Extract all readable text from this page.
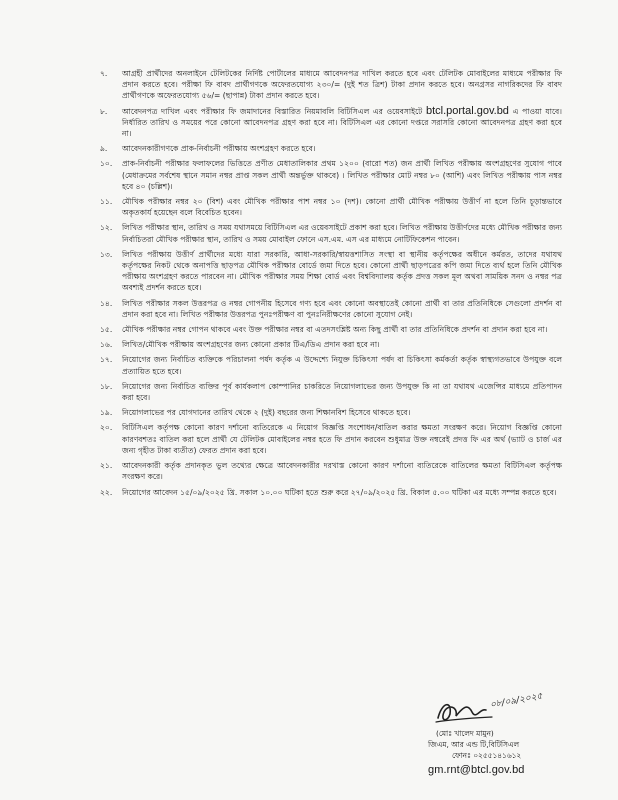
৭.	আগ্রহী প্রার্থীদের অনলাইনে টেলিটকের নির্দিষ্ট পোর্টালের মাধ্যমে আবেদনপত্র দাখিল করতে হবে এবং টেলিটক মোবাইলের মাধ্যমে পরীক্ষার ফি প্রদান করতে হবে। পরীক্ষা ফি বাবদ প্রার্থীগণকে অফেরতযোগ্য ২৩০/= (দুই শত ত্রিশ) টাকা প্রদান করতে হবে। অনগ্রসর নাগরিকদের ফি বাবদ প্রার্থীগণকে অফেরতযোগ্য ৫৬/= (ছাপান্ন) টাকা প্রদান করতে হবে।
৮.	আবেদনপত্র দাখিল এবং পরীক্ষার ফি জমাদানের বিস্তারিত নিয়মাবলি বিটিসিএল এর ওয়েবসাইটে btcl.portal.gov.bd এ পাওয়া যাবে। নির্ধারিত তারিখ ও সময়ের পরে কোনো আবেদনপত্র গ্রহণ করা হবে না। বিটিসিএল এর কোনো দপ্তরে সরাসরি কোনো আবেদনপত্র গ্রহণ করা হবে না।
৯.	আবেদনকারীগণকে প্রাক-নির্বাচনী পরীক্ষায় অংশগ্রহণ করতে হবে।
১০.	প্রাক-নির্বাচনী পরীক্ষার ফলাফলের ভিত্তিতে প্রণীত মেধাতালিকার প্রথম ১২০০ (বারো শত) জন প্রার্থী লিখিত পরীক্ষায় অংশগ্রহণের সুযোগ পাবে (মেধাক্রমের সর্বশেষ স্থানে সমান নম্বর প্রাপ্ত সকল প্রার্থী অন্তর্ভুক্ত থাকবে) । লিখিত পরীক্ষার মোট নম্বর ৮০ (আশি) এবং লিখিত পরীক্ষায় পাস নম্বর হবে ৪০ (চল্লিশ)।
১১.	মৌখিক পরীক্ষার নম্বর ২০ (বিশ) এবং মৌখিক পরীক্ষার পাশ নম্বর ১০ (দশ)। কোনো প্রার্থী মৌখিক পরীক্ষায় উত্তীর্ণ না হলে তিনি চূড়ান্তভাবে অকৃতকার্য হয়েছেন বলে বিবেচিত হবেন।
১২.	লিখিত পরীক্ষার স্থান, তারিখ ও সময় যথাসময়ে বিটিসিএল এর ওয়েবসাইটে প্রকাশ করা হবে। লিখিত পরীক্ষায় উত্তীর্ণদের মধ্যে মৌখিক পরীক্ষার জন্য নির্বাচিতরা মৌখিক পরীক্ষার স্থান, তারিখ ও সময় মোবাইল ফোনে এস.এম. এস এর মাধ্যমে নোটিফিকেশন পাবেন।
১৩.	লিখিত পরীক্ষায় উত্তীর্ণ প্রার্থীদের মধ্যে যারা সরকারি, আধা-সরকারি/স্বায়ত্তশাসিত সংস্থা বা স্থানীয় কর্তৃপক্ষের অধীনে কর্মরত, তাদের যথাযথ কর্তৃপক্ষের নিকট থেকে অনাপত্তি ছাড়পত্র মৌখিক পরীক্ষার বোর্ডে জমা দিতে হবে। কোনো প্রার্থী ছাড়পত্রের কপি জমা দিতে ব্যর্থ হলে তিনি মৌখিক পরীক্ষায় অংশগ্রহণ করতে পারবেন না। মৌখিক পরীক্ষার সময় শিক্ষা বোর্ড এবং বিশ্ববিদ্যালয় কর্তৃক প্রদত্ত সকল মূল অথবা সাময়িক সনদ ও নম্বর পত্র অবশ্যই প্রদর্শন করতে হবে।
১৪.	লিখিত পরীক্ষার সকল উত্তরপত্র ও নম্বর গোপনীয় হিসেবে গণ্য হবে এবং কোনো অবস্থাতেই কোনো প্রার্থী বা তার প্রতিনিধিকে সেগুলো প্রদর্শন বা প্রদান করা হবে না। লিখিত পরীক্ষার উত্তরপত্র পুনঃপরীক্ষণ বা পুনঃনিরীক্ষণের কোনো সুযোগ নেই।
১৫.	মৌখিক পরীক্ষার নম্বর গোপন থাকবে এবং উক্ত পরীক্ষার নম্বর বা এতদসংশ্লিষ্ট অন্য কিছু প্রার্থী বা তার প্রতিনিধিকে প্রদর্শন বা প্রদান করা হবে না।
১৬.	লিখিত/মৌখিক পরীক্ষায় অংশগ্রহণের জন্য কোনো প্রকার টিএ/ডিএ প্রদান করা হবে না।
১৭.	নিয়োগের জন্য নির্বাচিত ব্যক্তিকে পরিচালনা পর্ষদ কর্তৃক এ উদ্দেশ্যে নিযুক্ত চিকিৎসা পর্ষদ বা চিকিৎসা কর্মকর্তা কর্তৃক স্বাস্থ্যগতভাবে উপযুক্ত বলে প্রত্যায়িত হতে হবে।
১৮.	নিয়োগের জন্য নির্বাচিত ব্যক্তির পূর্ব কার্যকলাপ কোম্পানির চাকরিতে নিয়োগলাভের জন্য উপযুক্ত কি না তা যথাযথ এজেন্সির মাধ্যমে প্রতিপাদন করা হবে।
১৯.	নিয়োগলাভের পর যোগদানের তারিখ থেকে ২ (দুই) বছরের জন্য শিক্ষানবিশ হিসেবে থাকতে হবে।
২০.	বিটিসিএল কর্তৃপক্ষ কোনো কারণ দর্শানো ব্যতিরেকে এ নিয়োগ বিজ্ঞপ্তি সংশোধন/বাতিল করার ক্ষমতা সংরক্ষণ করে। নিয়োগ বিজ্ঞপ্তি কোনো কারণবশতঃ বাতিল করা হলে প্রার্থী যে টেলিটক মোবাইলের নম্বর হতে ফি প্রদান করবেন শুধুমাত্র উক্ত নম্বরেই প্রদত্ত ফি এর অর্থ (ভ্যাট ও চার্জ এর জন্য গৃহীত টাকা ব্যতীত) ফেরত প্রদান করা হবে।
২১.	আবেদনকারী কর্তৃক প্রদানকৃত ভুল তথ্যের ক্ষেত্রে আবেদনকারীর দরখাস্ত কোনো কারণ দর্শানো ব্যতিরেকে বাতিলের ক্ষমতা বিটিসিএল কর্তৃপক্ষ সংরক্ষণ করে।
২২.	নিয়োগের আবেদন ১৫/০৯/২০২৫ খ্রি. সকাল ১০.০০ ঘটিকা হতে শুরু করে ২৭/০৯/২০২৫ খ্রি. বিকাল ৫.০০ ঘটিকা এর মধ্যে সম্পন্ন করতে হবে।
০৮/০৯/২০২৫
(মোঃ খালেদ মামুন)
জিএম, আর এন্ড টি,বিটিসিএল
ফোনঃ ০২৫৫১৪১৬১২
gm.rnt@btcl.gov.bd
